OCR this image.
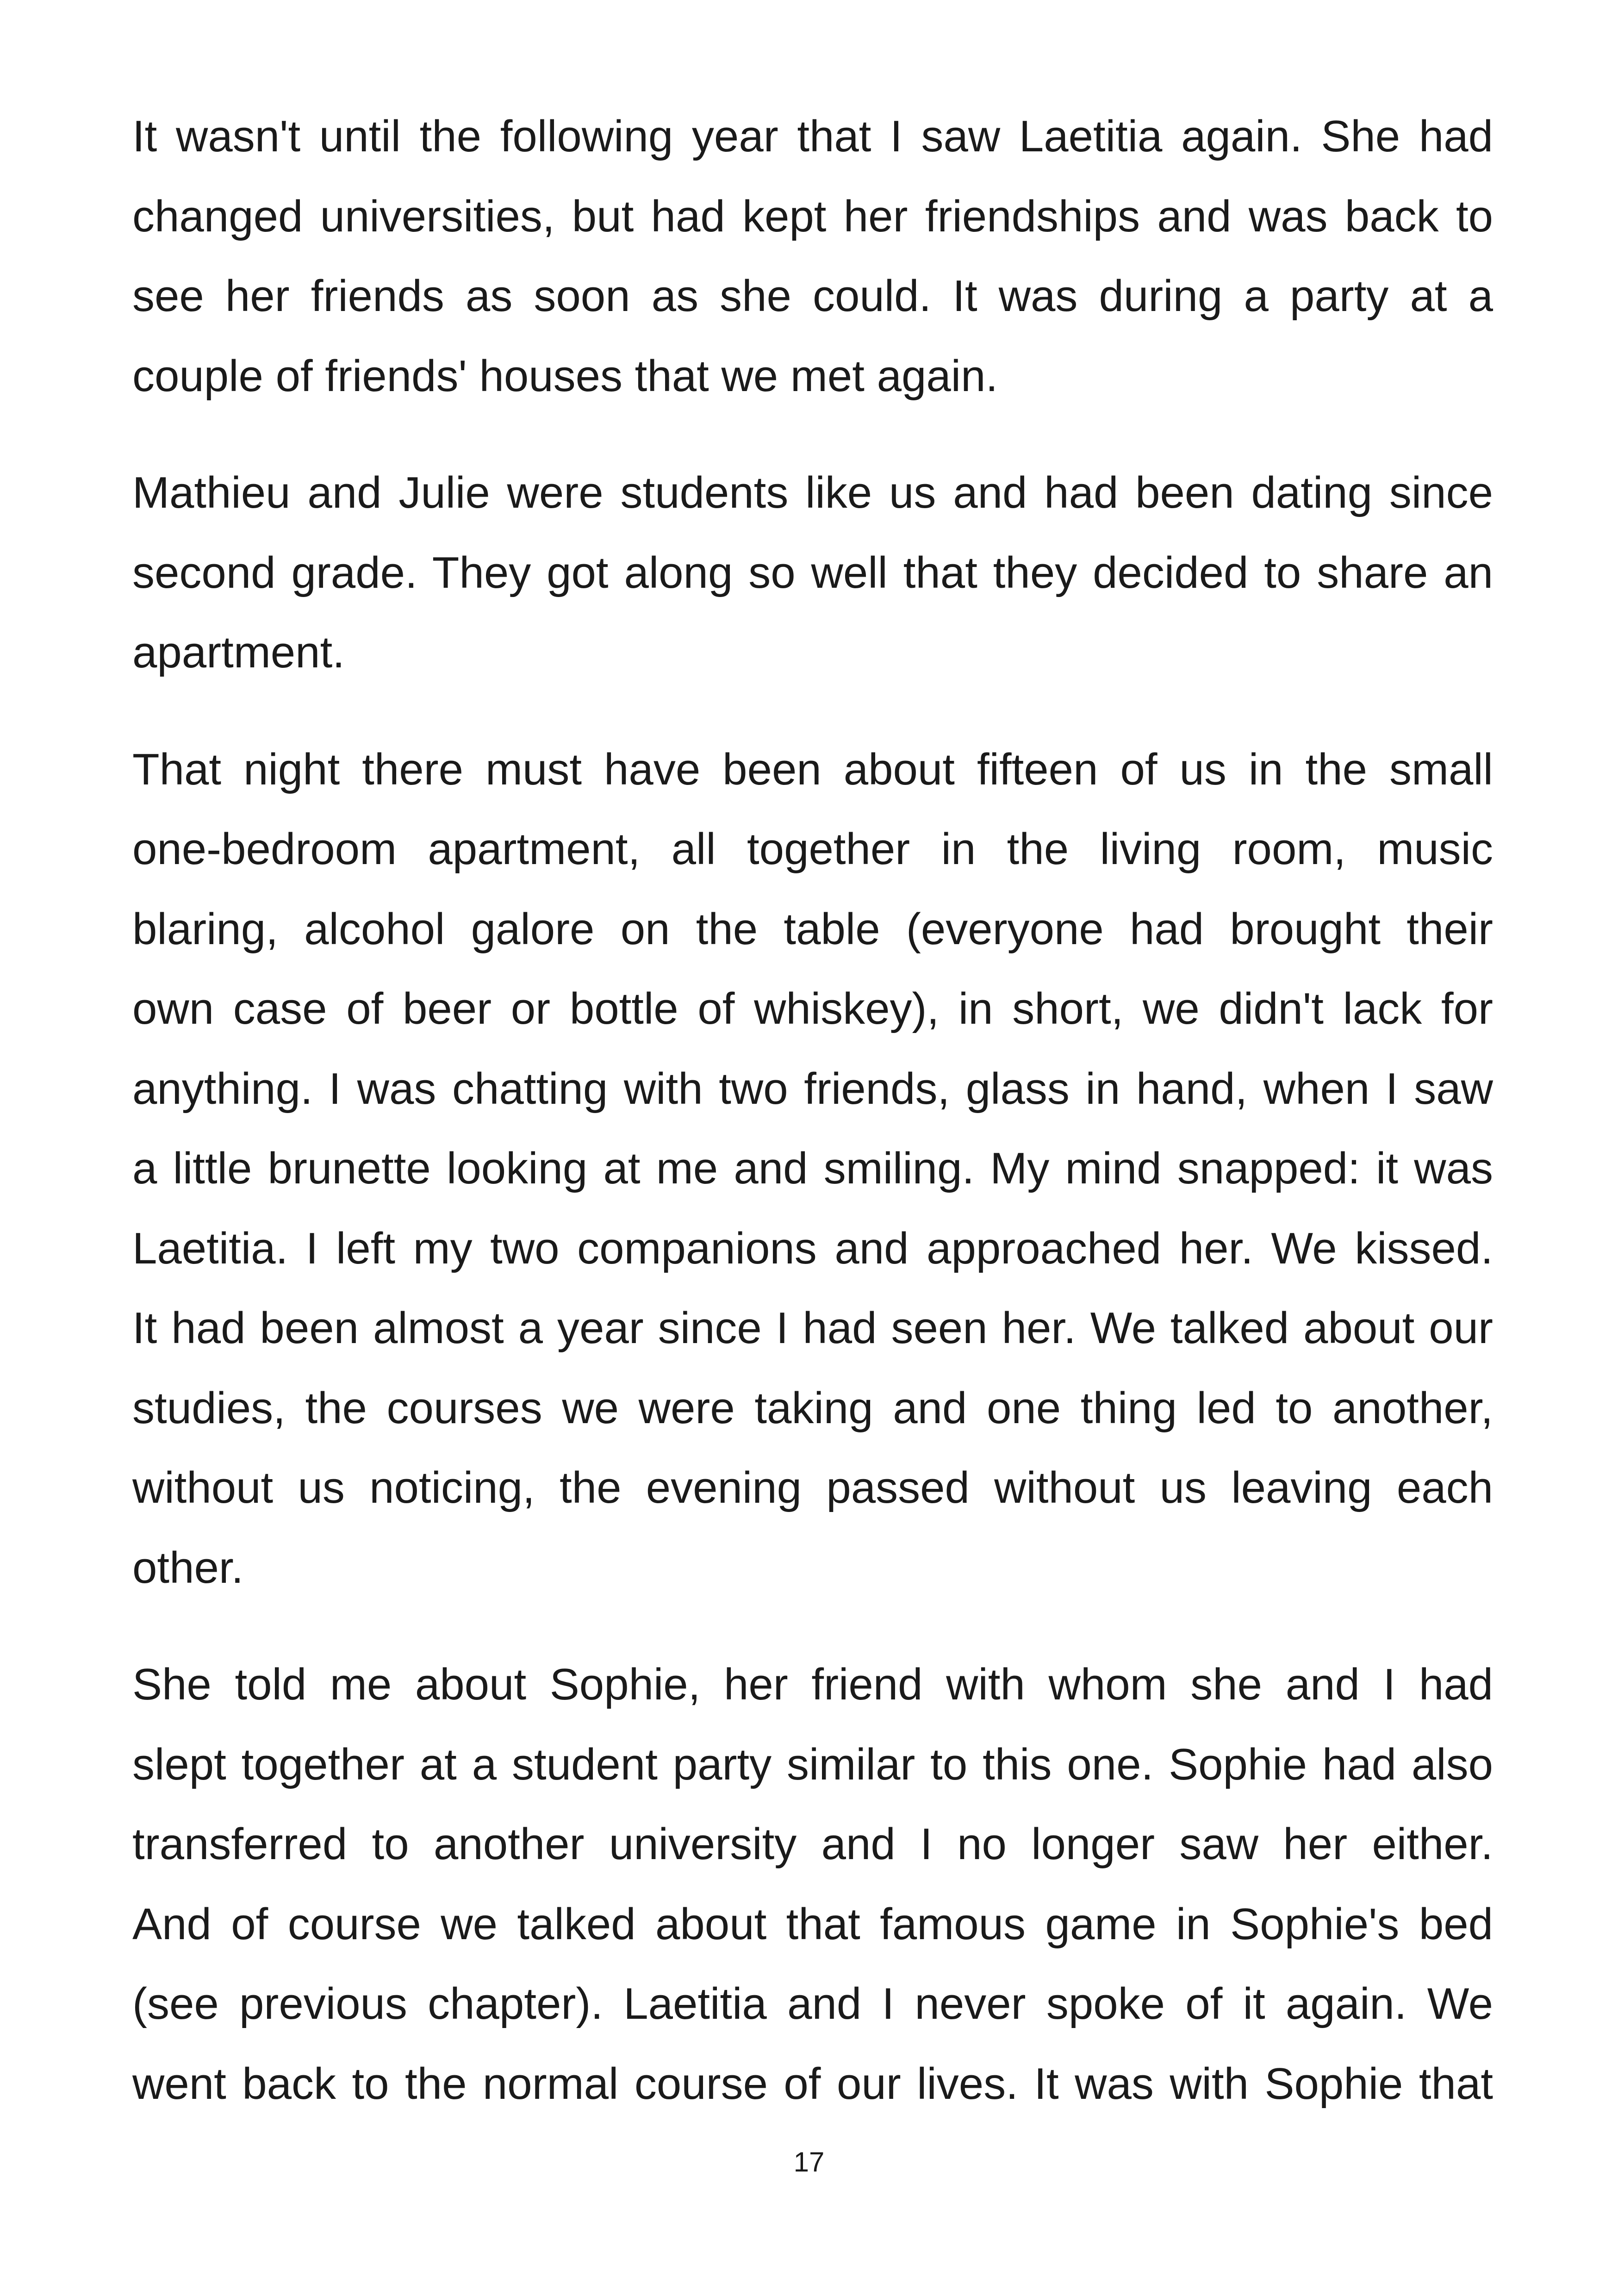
It wasn't until the following year that I saw Laetitia again. She had
changed universities, but had kept her friendships and was back to
see her friends as soon as she could. It was during a party at a
couple of friends' houses that we met again.
Mathieu and Julie were students like us and had been dating since
second grade. They got along so well that they decided to share an
apartment.
That night there must have been about fifteen of us in the small
one-bedroom apartment, all together in the living room, music
blaring, alcohol galore on the table (everyone had brought their
own case of beer or bottle of whiskey), in short, we didn't lack for
anything. I was chatting with two friends, glass in hand, when I saw
a little brunette looking at me and smiling. My mind snapped: it was
Laetitia. I left my two companions and approached her. We kissed.
It had been almost a year since I had seen her. We talked about our
studies, the courses we were taking and one thing led to another,
without us noticing, the evening passed without us leaving each
other.
She told me about Sophie, her friend with whom she and I had
slept together at a student party similar to this one. Sophie had also
transferred to another university and I no longer saw her either.
And of course we talked about that famous game in Sophie's bed
(see previous chapter). Laetitia and I never spoke of it again. We
went back to the normal course of our lives. It was with Sophie that
17
